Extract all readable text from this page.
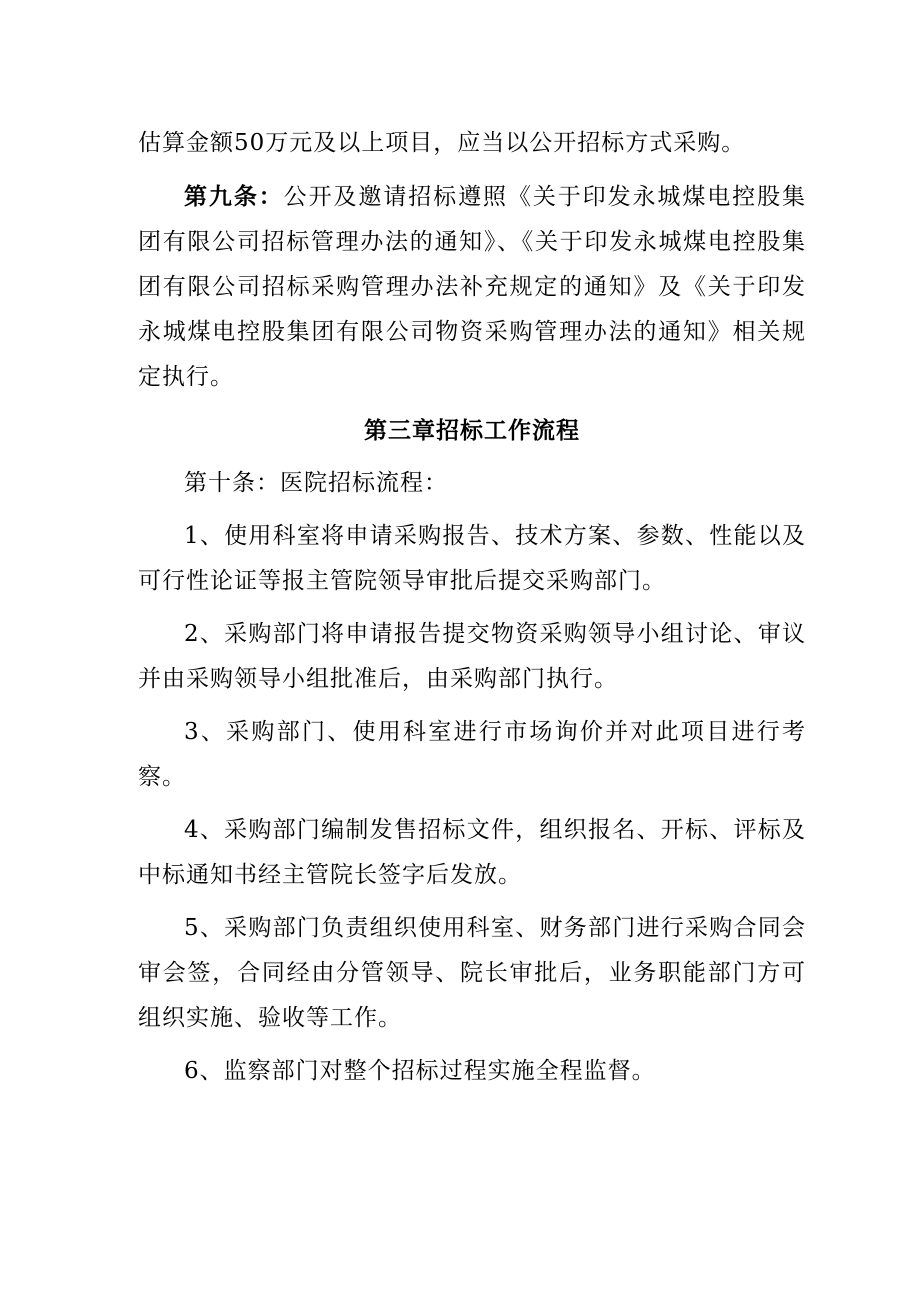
估算金额50万元及以上项目，应当以公开招标方式采购。

第九条：公开及邀请招标遵照《关于印发永城煤电控股集团有限公司招标管理办法的通知》、《关于印发永城煤电控股集团有限公司招标采购管理办法补充规定的通知》及《关于印发永城煤电控股集团有限公司物资采购管理办法的通知》相关规定执行。

第三章招标工作流程

第十条：医院招标流程：

1、使用科室将申请采购报告、技术方案、参数、性能以及可行性论证等报主管院领导审批后提交采购部门。

2、采购部门将申请报告提交物资采购领导小组讨论、审议并由采购领导小组批准后，由采购部门执行。

3、采购部门、使用科室进行市场询价并对此项目进行考察。

4、采购部门编制发售招标文件，组织报名、开标、评标及中标通知书经主管院长签字后发放。

5、采购部门负责组织使用科室、财务部门进行采购合同会审会签，合同经由分管领导、院长审批后，业务职能部门方可组织实施、验收等工作。

6、监察部门对整个招标过程实施全程监督。
